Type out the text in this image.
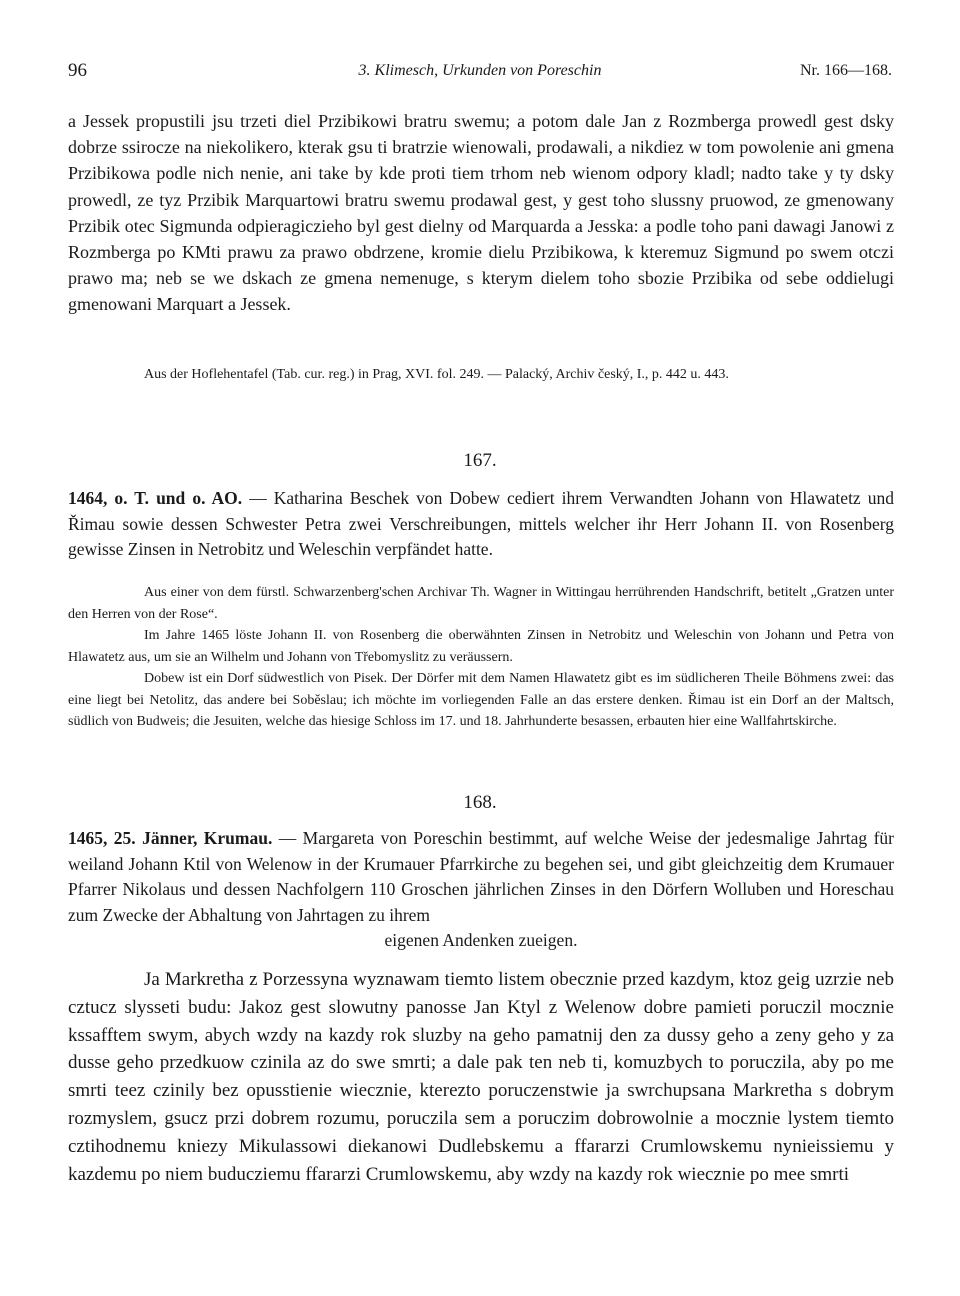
96	3. Klimesch, Urkunden von Poreschin	Nr. 166—168.

a Jessek propustili jsu trzeti diel Przibikowi bratru swemu; a potom dale Jan z Rozmberga prowedl gest dsky dobrze ssirocze na niekolikero, kterak gsu ti bratrzie wienowali, prodawali, a nikdiez w tom powolenie ani gmena Przibikowa podle nich nenie, ani take by kde proti tiem trhom neb wienom odpory kladl; nadto take y ty dsky prowedl, ze tyz Przibik Marquartowi bratru swemu prodawal gest, y gest toho slussny pruowod, ze gmenowany Przibik otec Sigmunda odpieragiczieho byl gest dielny od Marquarda a Jesska: a podle toho pani dawagi Janowi z Rozmberga po KMti prawu za prawo obdrzene, kromie dielu Przibikowa, k kteremuz Sigmund po swem otczi prawo ma; neb se we dskach ze gmena nemenuge, s kterym dielem toho sbozie Przibika od sebe oddielugi gmenowani Marquart a Jessek.

Aus der Hoflehentafel (Tab. cur. reg.) in Prag, XVI. fol. 249. — Palacký, Archiv český, I., p. 442 u. 443.

167.

1464, o. T. und o. AO. — Katharina Beschek von Dobew cediert ihrem Verwandten Johann von Hlawatetz und Řimau sowie dessen Schwester Petra zwei Verschreibungen, mittels welcher ihr Herr Johann II. von Rosenberg gewisse Zinsen in Netrobitz und Weleschin verpfändet hatte.

Aus einer von dem fürstl. Schwarzenberg'schen Archivar Th. Wagner in Wittingau herrührenden Handschrift, betitelt „Gratzen unter den Herren von der Rose“.

Im Jahre 1465 löste Johann II. von Rosenberg die oberwähnten Zinsen in Netrobitz und Weleschin von Johann und Petra von Hlawatetz aus, um sie an Wilhelm und Johann von Třebomyslitz zu veräussern.

Dobew ist ein Dorf südwestlich von Pisek. Der Dörfer mit dem Namen Hlawatetz gibt es im südlicheren Theile Böhmens zwei: das eine liegt bei Netolitz, das andere bei Soběslau; ich möchte im vorliegenden Falle an das erstere denken. Řimau ist ein Dorf an der Maltsch, südlich von Budweis; die Jesuiten, welche das hiesige Schloss im 17. und 18. Jahrhunderte besassen, erbauten hier eine Wallfahrtskirche.

168.

1465, 25. Jänner, Krumau. — Margareta von Poreschin bestimmt, auf welche Weise der jedesmalige Jahrtag für weiland Johann Ktil von Welenow in der Krumauer Pfarrkirche zu begehen sei, und gibt gleichzeitig dem Krumauer Pfarrer Nikolaus und dessen Nachfolgern 110 Groschen jährlichen Zinses in den Dörfern Wolluben und Horeschau zum Zwecke der Abhaltung von Jahrtagen zu ihrem

eigenen Andenken zueigen.

Ja Markretha z Porzessyna wyznawam tiemto listem obecznie przed kazdym, ktoz geig uzrzie neb cztucz slysseti budu: Jakoz gest slowutny panosse Jan Ktyl z Welenow dobre pamieti poruczil mocznie kssafftem swym, abych wzdy na kazdy rok sluzby na geho pamatnij den za dussy geho a zeny geho y za dusse geho przedkuow czinila az do swe smrti; a dale pak ten neb ti, komuzbych to poruczila, aby po me smrti teez czinily bez opusstienie wiecznie, kterezto poruczenstwie ja swrchupsana Markretha s dobrym rozmyslem, gsucz przi dobrem rozumu, poruczila sem a poruczim dobrowolnie a mocznie lystem tiemto cztihodnemu kniezy Mikulassowi diekanowi Dudlebskemu a ffararzi Crumlowskemu nynieissiemu y kazdemu po niem buducziemu ffararzi Crumlowskemu, aby wzdy na kazdy rok wiecznie po mee smrti
